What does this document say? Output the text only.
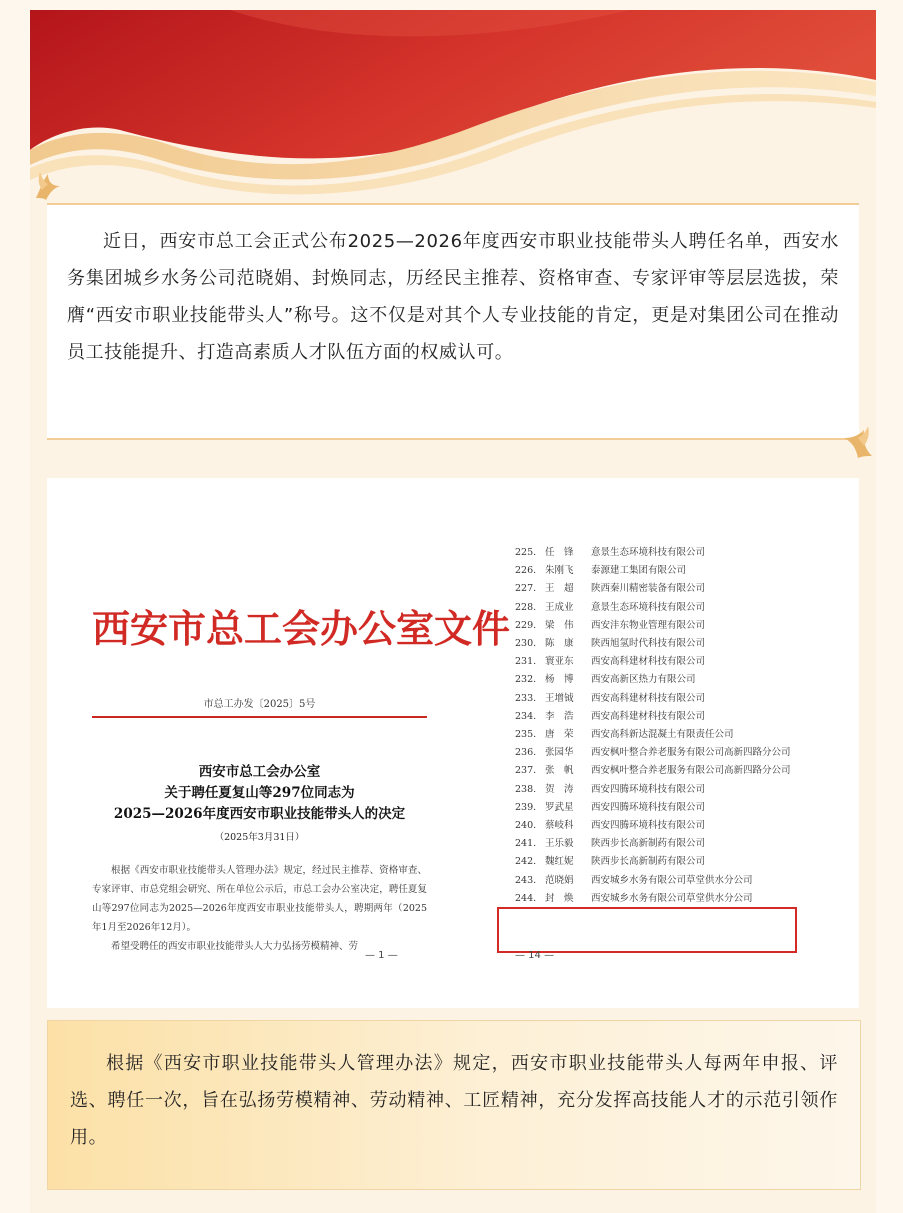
近日，西安市总工会正式公布2025—2026年度西安市职业技能带头人聘任名单，西安水务集团城乡水务公司范晓娟、封焕同志，历经民主推荐、资格审查、专家评审等层层选拔，荣膺“西安市职业技能带头人”称号。这不仅是对其个人专业技能的肯定，更是对集团公司在推动员工技能提升、打造高素质人才队伍方面的权威认可。

西安市总工会办公室文件
市总工办发〔2025〕5号
西安市总工会办公室
关于聘任夏复山等297位同志为
2025—2026年度西安市职业技能带头人的决定
（2025年3月31日）
根据《西安市职业技能带头人管理办法》规定，经过民主推荐、资格审查、专家评审、市总党组会研究、所在单位公示后，市总工会办公室决定，聘任夏复山等297位同志为2025—2026年度西安市职业技能带头人，聘期两年（2025年1月至2026年12月）。
希望受聘任的西安市职业技能带头人大力弘扬劳模精神、劳
— 1 —
225. 任　锋	意景生态环境科技有限公司
226. 朱刚飞	泰源建工集团有限公司
227. 王　超	陕西秦川精密装备有限公司
228. 王成业	意景生态环境科技有限公司
229. 梁　伟	西安沣东物业管理有限公司
230. 陈　康	陕西旭氢时代科技有限公司
231. 寰亚东	西安高科建材科技有限公司
232. 杨　博	西安高新区热力有限公司
233. 王增钺	西安高科建材科技有限公司
234. 李　浩	西安高科建材科技有限公司
235. 唐　荣	西安高科新达混凝土有限责任公司
236. 张园华	西安枫叶整合养老服务有限公司高新四路分公司
237. 张　帆	西安枫叶整合养老服务有限公司高新四路分公司
238. 贺　涛	西安四腾环境科技有限公司
239. 罗武星	西安四腾环境科技有限公司
240. 蔡岐科	西安四腾环境科技有限公司
241. 王乐毅	陕西步长高新制药有限公司
242. 魏红妮	陕西步长高新制药有限公司
243. 范晓娟	西安城乡水务有限公司草堂供水分公司
244. 封　焕	西安城乡水务有限公司草堂供水分公司
— 14 —

根据《西安市职业技能带头人管理办法》规定，西安市职业技能带头人每两年申报、评选、聘任一次，旨在弘扬劳模精神、劳动精神、工匠精神，充分发挥高技能人才的示范引领作用。
